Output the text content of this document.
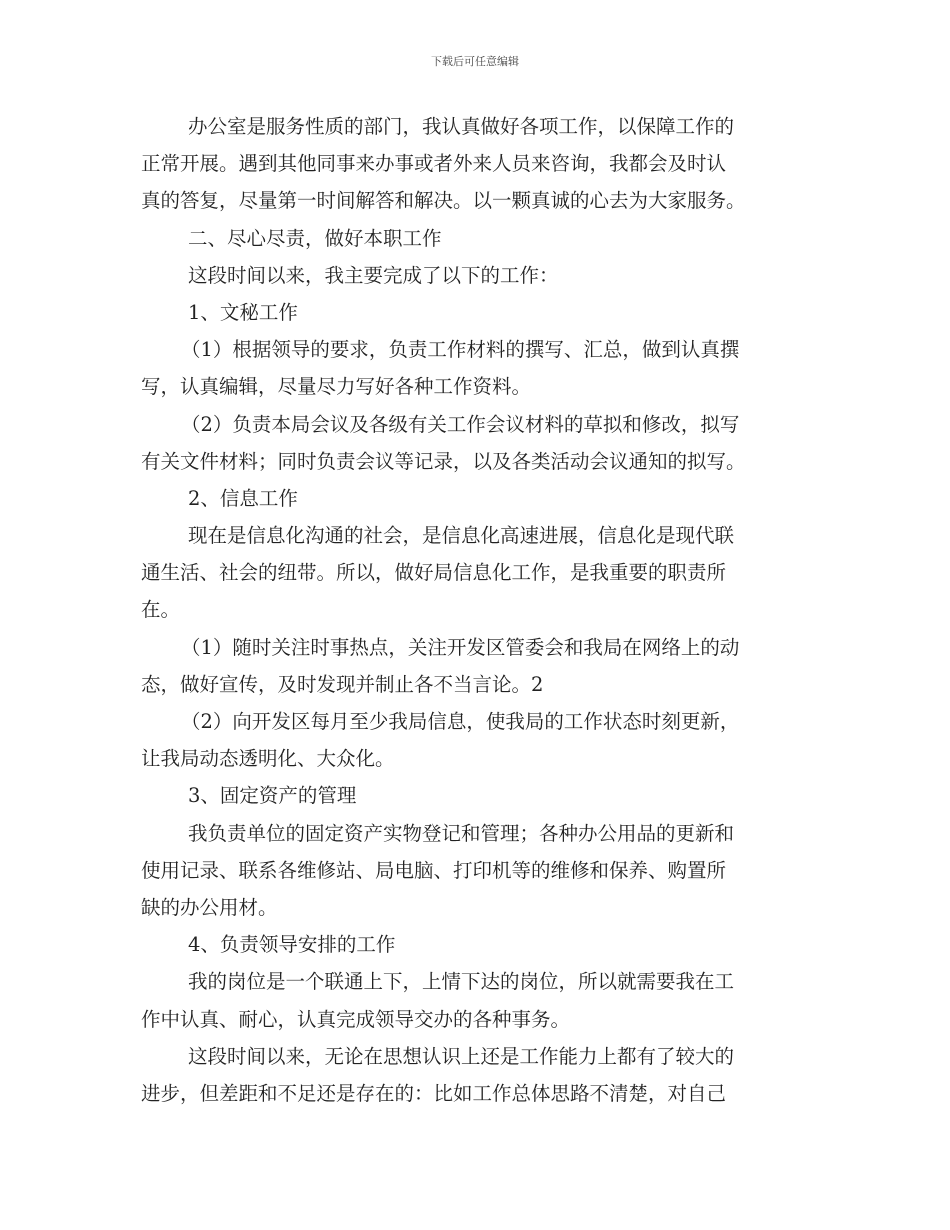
下载后可任意编辑
办公室是服务性质的部门，我认真做好各项工作，以保障工作的
正常开展。遇到其他同事来办事或者外来人员来咨询，我都会及时认
真的答复，尽量第一时间解答和解决。以一颗真诚的心去为大家服务。
二、尽心尽责，做好本职工作
这段时间以来，我主要完成了以下的工作：
1、文秘工作
（1）根据领导的要求，负责工作材料的撰写、汇总，做到认真撰
写，认真编辑，尽量尽力写好各种工作资料。
（2）负责本局会议及各级有关工作会议材料的草拟和修改，拟写
有关文件材料；同时负责会议等记录，以及各类活动会议通知的拟写。
2、信息工作
现在是信息化沟通的社会，是信息化高速进展，信息化是现代联
通生活、社会的纽带。所以，做好局信息化工作，是我重要的职责所
在。
（1）随时关注时事热点，关注开发区管委会和我局在网络上的动
态，做好宣传，及时发现并制止各不当言论。2
（2）向开发区每月至少我局信息，使我局的工作状态时刻更新，
让我局动态透明化、大众化。
3、固定资产的管理
我负责单位的固定资产实物登记和管理；各种办公用品的更新和
使用记录、联系各维修站、局电脑、打印机等的维修和保养、购置所
缺的办公用材。
4、负责领导安排的工作
我的岗位是一个联通上下，上情下达的岗位，所以就需要我在工
作中认真、耐心，认真完成领导交办的各种事务。
这段时间以来，无论在思想认识上还是工作能力上都有了较大的
进步，但差距和不足还是存在的：比如工作总体思路不清楚，对自己
